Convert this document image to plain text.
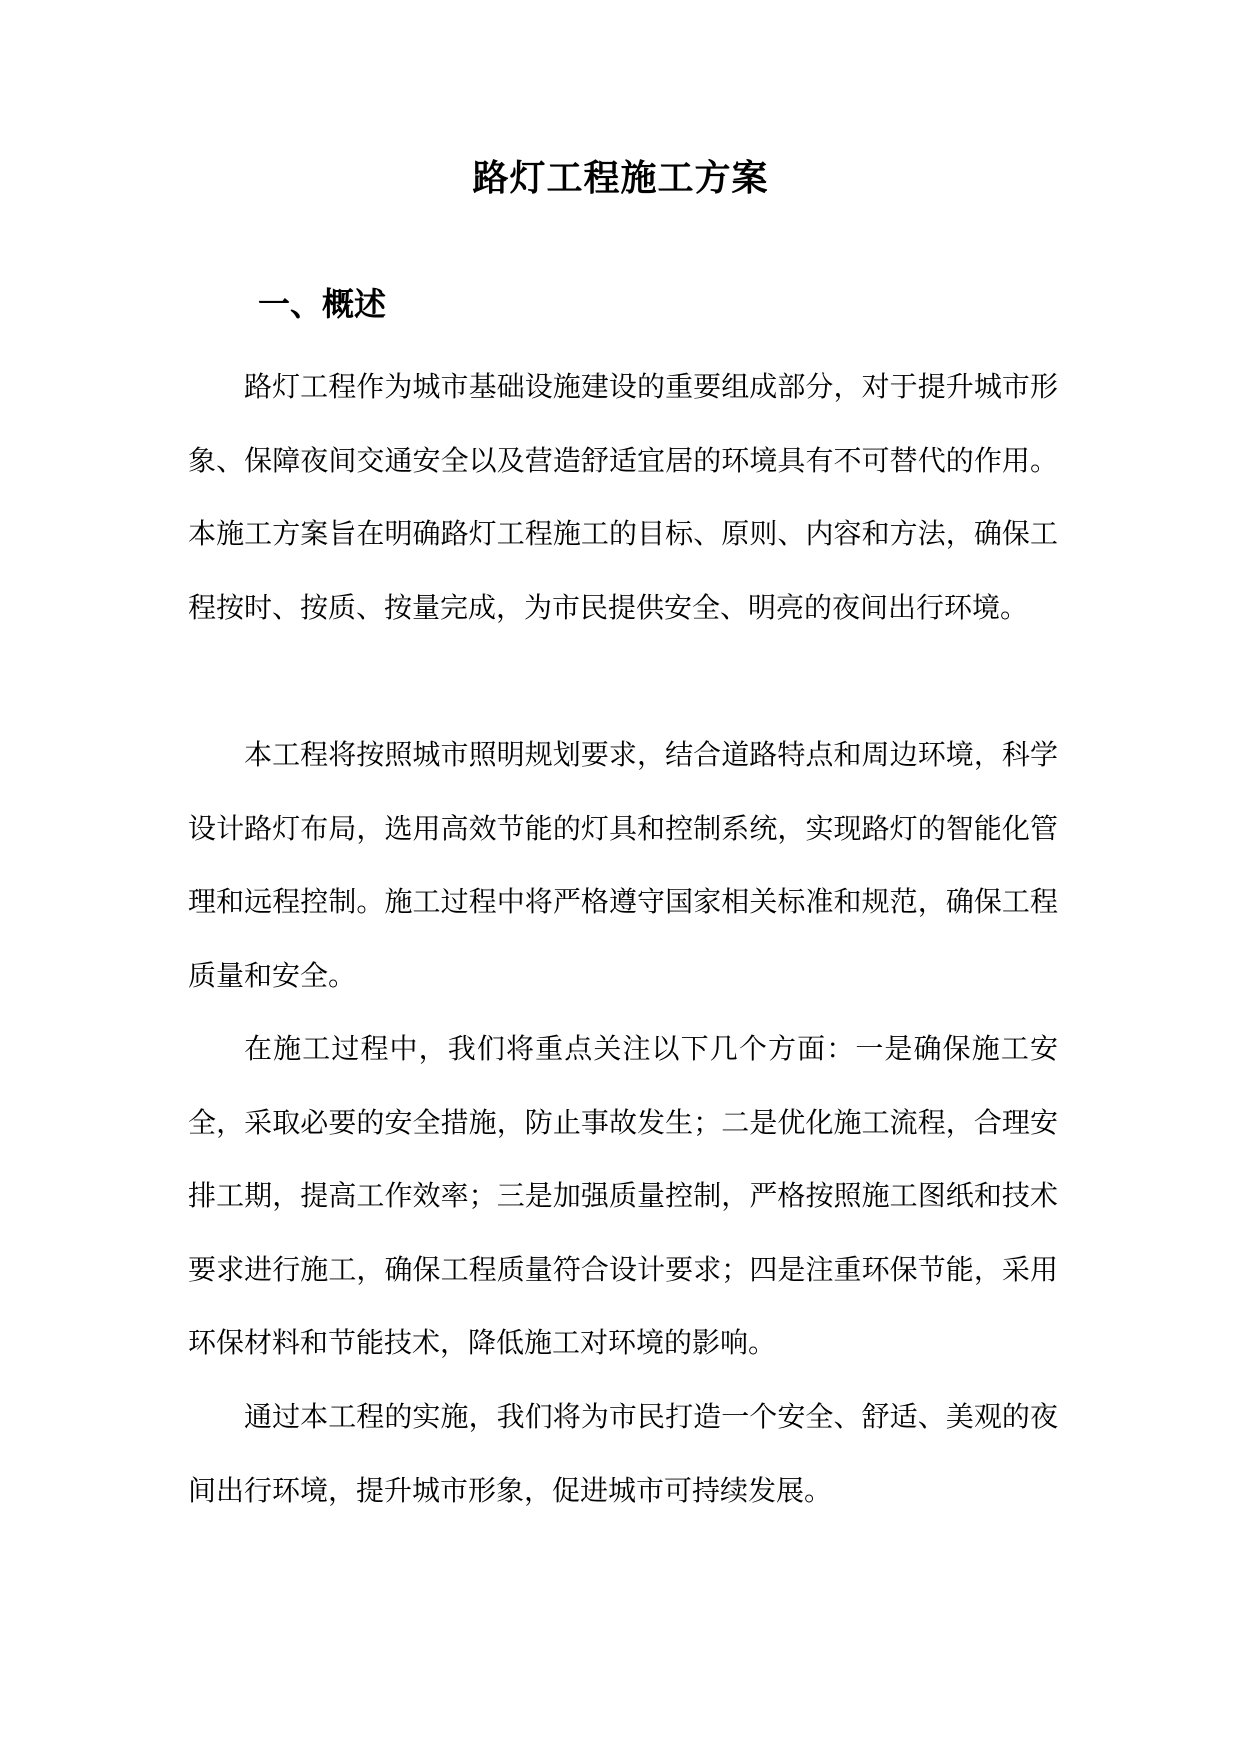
路灯工程施工方案
一、概述

路灯工程作为城市基础设施建设的重要组成部分，对于提升城市形象、保障夜间交通安全以及营造舒适宜居的环境具有不可替代的作用。本施工方案旨在明确路灯工程施工的目标、原则、内容和方法，确保工程按时、按质、按量完成，为市民提供安全、明亮的夜间出行环境。

本工程将按照城市照明规划要求，结合道路特点和周边环境，科学设计路灯布局，选用高效节能的灯具和控制系统，实现路灯的智能化管理和远程控制。施工过程中将严格遵守国家相关标准和规范，确保工程质量和安全。

在施工过程中，我们将重点关注以下几个方面：一是确保施工安全，采取必要的安全措施，防止事故发生；二是优化施工流程，合理安排工期，提高工作效率；三是加强质量控制，严格按照施工图纸和技术要求进行施工，确保工程质量符合设计要求；四是注重环保节能，采用环保材料和节能技术，降低施工对环境的影响。

通过本工程的实施，我们将为市民打造一个安全、舒适、美观的夜间出行环境，提升城市形象，促进城市可持续发展。
